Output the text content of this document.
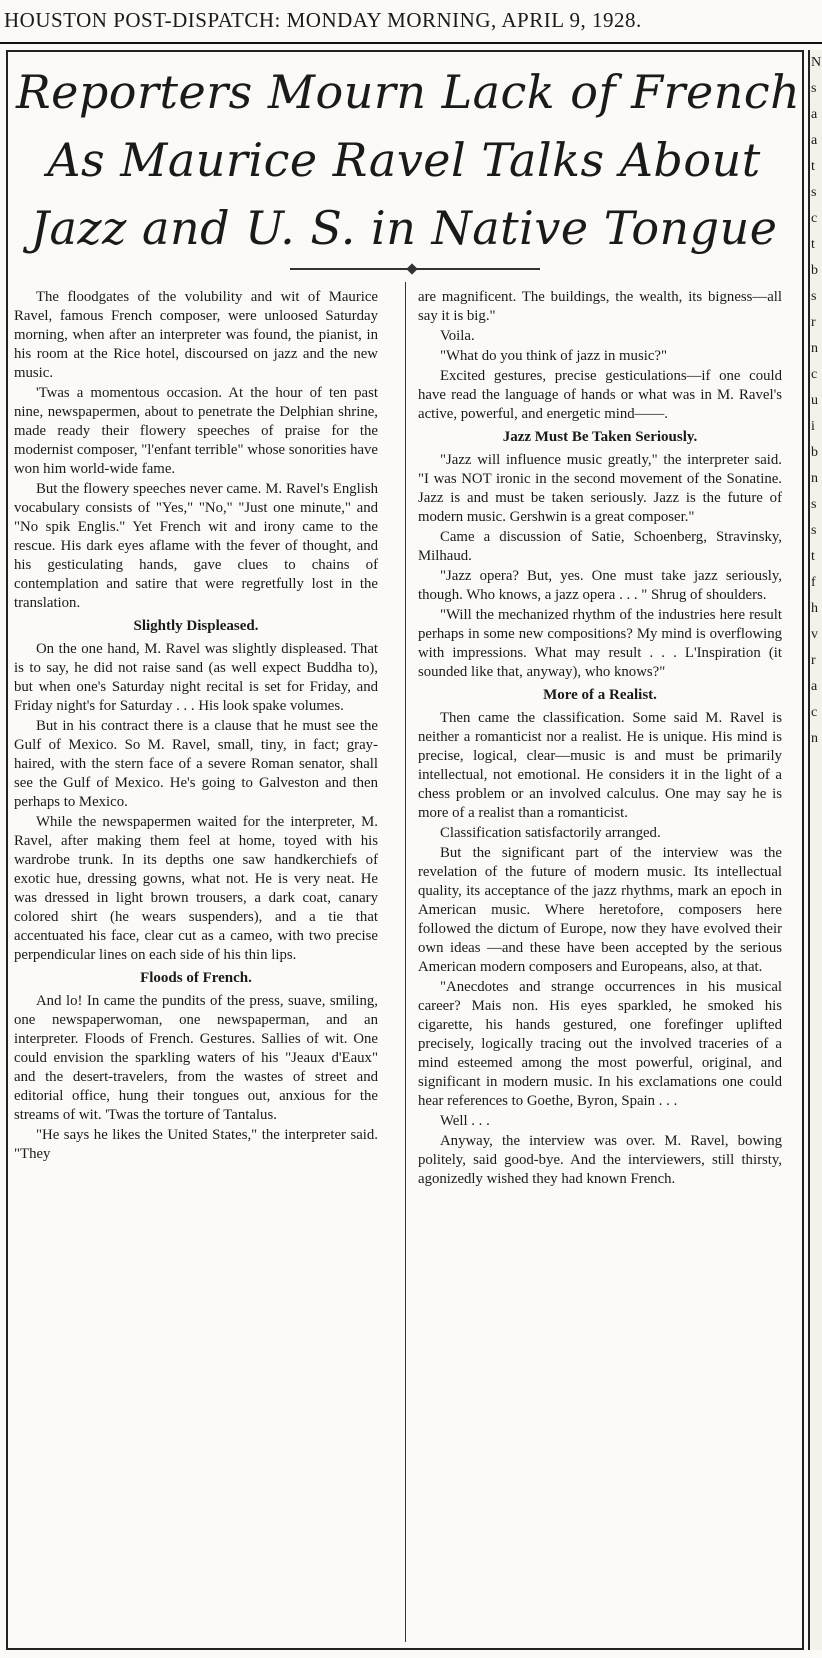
HOUSTON POST-DISPATCH: MONDAY MORNING, APRIL 9, 1928.
N
s
a
a
t
s
c
t
b
s
r
n
c
u
i
b
n
s
s
t
f
h
v
r
a
c
n
Reporters Mourn Lack of French
As Maurice Ravel Talks About
Jazz and U. S. in Native Tongue

The floodgates of the volubility and wit of Maurice Ravel, famous French composer, were unloosed Saturday morning, when after an interpreter was found, the pianist, in his room at the Rice hotel, discoursed on jazz and the new music.

'Twas a momentous occasion. At the hour of ten past nine, newspapermen, about to penetrate the Delphian shrine, made ready their flowery speeches of praise for the modernist composer, "l'enfant terrible" whose sonorities have won him world-wide fame.

But the flowery speeches never came. M. Ravel's English vocabulary consists of "Yes," "No," "Just one minute," and "No spik Englis." Yet French wit and irony came to the rescue. His dark eyes aflame with the fever of thought, and his gesticulating hands, gave clues to chains of contemplation and satire that were regretfully lost in the translation.

Slightly Displeased.

On the one hand, M. Ravel was slightly displeased. That is to say, he did not raise sand (as well expect Buddha to), but when one's Saturday night recital is set for Friday, and Friday night's for Saturday . . . His look spake volumes.

But in his contract there is a clause that he must see the Gulf of Mexico. So M. Ravel, small, tiny, in fact; gray-haired, with the stern face of a severe Roman senator, shall see the Gulf of Mexico. He's going to Galveston and then perhaps to Mexico.

While the newspapermen waited for the interpreter, M. Ravel, after making them feel at home, toyed with his wardrobe trunk. In its depths one saw handkerchiefs of exotic hue, dressing gowns, what not. He is very neat. He was dressed in light brown trousers, a dark coat, canary colored shirt (he wears suspenders), and a tie that accentuated his face, clear cut as a cameo, with two precise perpendicular lines on each side of his thin lips.

Floods of French.

And lo! In came the pundits of the press, suave, smiling, one newspaperwoman, one newspaperman, and an interpreter. Floods of French. Gestures. Sallies of wit. One could envision the sparkling waters of his "Jeaux d'Eaux" and the desert-travelers, from the wastes of street and editorial office, hung their tongues out, anxious for the streams of wit. 'Twas the torture of Tantalus.

"He says he likes the United States," the interpreter said. "They

are magnificent. The buildings, the wealth, its bigness—all say it is big."

Voila.

"What do you think of jazz in music?"

Excited gestures, precise gesticulations—if one could have read the language of hands or what was in M. Ravel's active, powerful, and energetic mind——.

Jazz Must Be Taken Seriously.

"Jazz will influence music greatly," the interpreter said. "I was NOT ironic in the second movement of the Sonatine. Jazz is and must be taken seriously. Jazz is the future of modern music. Gershwin is a great composer."

Came a discussion of Satie, Schoenberg, Stravinsky, Milhaud.

"Jazz opera? But, yes. One must take jazz seriously, though. Who knows, a jazz opera . . . " Shrug of shoulders.

"Will the mechanized rhythm of the industries here result perhaps in some new compositions? My mind is overflowing with impressions. What may result . . . L'Inspiration (it sounded like that, anyway), who knows?"

More of a Realist.

Then came the classification. Some said M. Ravel is neither a romanticist nor a realist. He is unique. His mind is precise, logical, clear—music is and must be primarily intellectual, not emotional. He considers it in the light of a chess problem or an involved calculus. One may say he is more of a realist than a romanticist.

Classification satisfactorily arranged.

But the significant part of the interview was the revelation of the future of modern music. Its intellectual quality, its acceptance of the jazz rhythms, mark an epoch in American music. Where heretofore, composers here followed the dictum of Europe, now they have evolved their own ideas —and these have been accepted by the serious American modern composers and Europeans, also, at that.

"Anecdotes and strange occurrences in his musical career? Mais non. His eyes sparkled, he smoked his cigarette, his hands gestured, one forefinger uplifted precisely, logically tracing out the involved traceries of a mind esteemed among the most powerful, original, and significant in modern music. In his exclamations one could hear references to Goethe, Byron, Spain . . .

Well . . .

Anyway, the interview was over. M. Ravel, bowing politely, said good-bye. And the interviewers, still thirsty, agonizedly wished they had known French.
